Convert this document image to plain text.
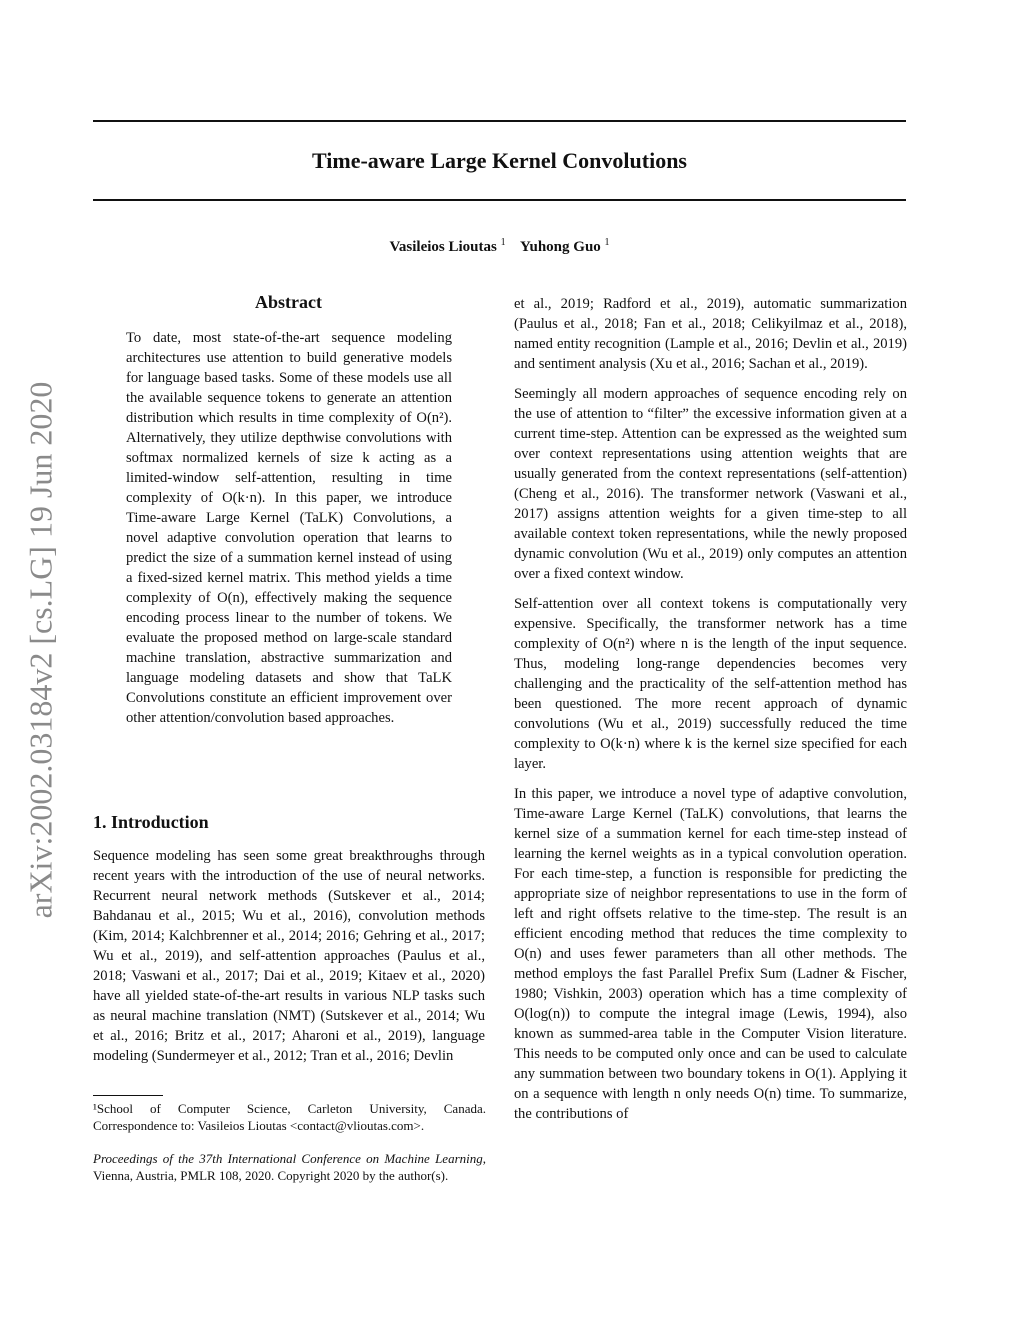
arXiv:2002.03184v2 [cs.LG] 19 Jun 2020
Time-aware Large Kernel Convolutions
Vasileios Lioutas $^1$ Yuhong Guo $^1$
Abstract

To date, most state-of-the-art sequence modeling architectures use attention to build generative models for language based tasks. Some of these models use all the available sequence tokens to generate an attention distribution which results in time complexity of O(n²). Alternatively, they utilize depthwise convolutions with softmax normalized kernels of size k acting as a limited-window self-attention, resulting in time complexity of O(k·n). In this paper, we introduce Time-aware Large Kernel (TaLK) Convolutions, a novel adaptive convolution operation that learns to predict the size of a summation kernel instead of using a fixed-sized kernel matrix. This method yields a time complexity of O(n), effectively making the sequence encoding process linear to the number of tokens. We evaluate the proposed method on large-scale standard machine translation, abstractive summarization and language modeling datasets and show that TaLK Convolutions constitute an efficient improvement over other attention/convolution based approaches.

1. Introduction

Sequence modeling has seen some great breakthroughs through recent years with the introduction of the use of neural networks. Recurrent neural network methods (Sutskever et al., 2014; Bahdanau et al., 2015; Wu et al., 2016), convolution methods (Kim, 2014; Kalchbrenner et al., 2014; 2016; Gehring et al., 2017; Wu et al., 2019), and self-attention approaches (Paulus et al., 2018; Vaswani et al., 2017; Dai et al., 2019; Kitaev et al., 2020) have all yielded state-of-the-art results in various NLP tasks such as neural machine translation (NMT) (Sutskever et al., 2014; Wu et al., 2016; Britz et al., 2017; Aharoni et al., 2019), language modeling (Sundermeyer et al., 2012; Tran et al., 2016; Devlin

¹School of Computer Science, Carleton University, Canada. Correspondence to: Vasileios Lioutas <contact@vlioutas.com>.
Proceedings of the 37th International Conference on Machine Learning, Vienna, Austria, PMLR 108, 2020. Copyright 2020 by the author(s).

et al., 2019; Radford et al., 2019), automatic summarization (Paulus et al., 2018; Fan et al., 2018; Celikyilmaz et al., 2018), named entity recognition (Lample et al., 2016; Devlin et al., 2019) and sentiment analysis (Xu et al., 2016; Sachan et al., 2019).

Seemingly all modern approaches of sequence encoding rely on the use of attention to “filter” the excessive information given at a current time-step. Attention can be expressed as the weighted sum over context representations using attention weights that are usually generated from the context representations (self-attention) (Cheng et al., 2016). The transformer network (Vaswani et al., 2017) assigns attention weights for a given time-step to all available context token representations, while the newly proposed dynamic convolution (Wu et al., 2019) only computes an attention over a fixed context window.

Self-attention over all context tokens is computationally very expensive. Specifically, the transformer network has a time complexity of O(n²) where n is the length of the input sequence. Thus, modeling long-range dependencies becomes very challenging and the practicality of the self-attention method has been questioned. The more recent approach of dynamic convolutions (Wu et al., 2019) successfully reduced the time complexity to O(k·n) where k is the kernel size specified for each layer.

In this paper, we introduce a novel type of adaptive convolution, Time-aware Large Kernel (TaLK) convolutions, that learns the kernel size of a summation kernel for each time-step instead of learning the kernel weights as in a typical convolution operation. For each time-step, a function is responsible for predicting the appropriate size of neighbor representations to use in the form of left and right offsets relative to the time-step. The result is an efficient encoding method that reduces the time complexity to O(n) and uses fewer parameters than all other methods. The method employs the fast Parallel Prefix Sum (Ladner & Fischer, 1980; Vishkin, 2003) operation which has a time complexity of O(log(n)) to compute the integral image (Lewis, 1994), also known as summed-area table in the Computer Vision literature. This needs to be computed only once and can be used to calculate any summation between two boundary tokens in O(1). Applying it on a sequence with length n only needs O(n) time. To summarize, the contributions of
